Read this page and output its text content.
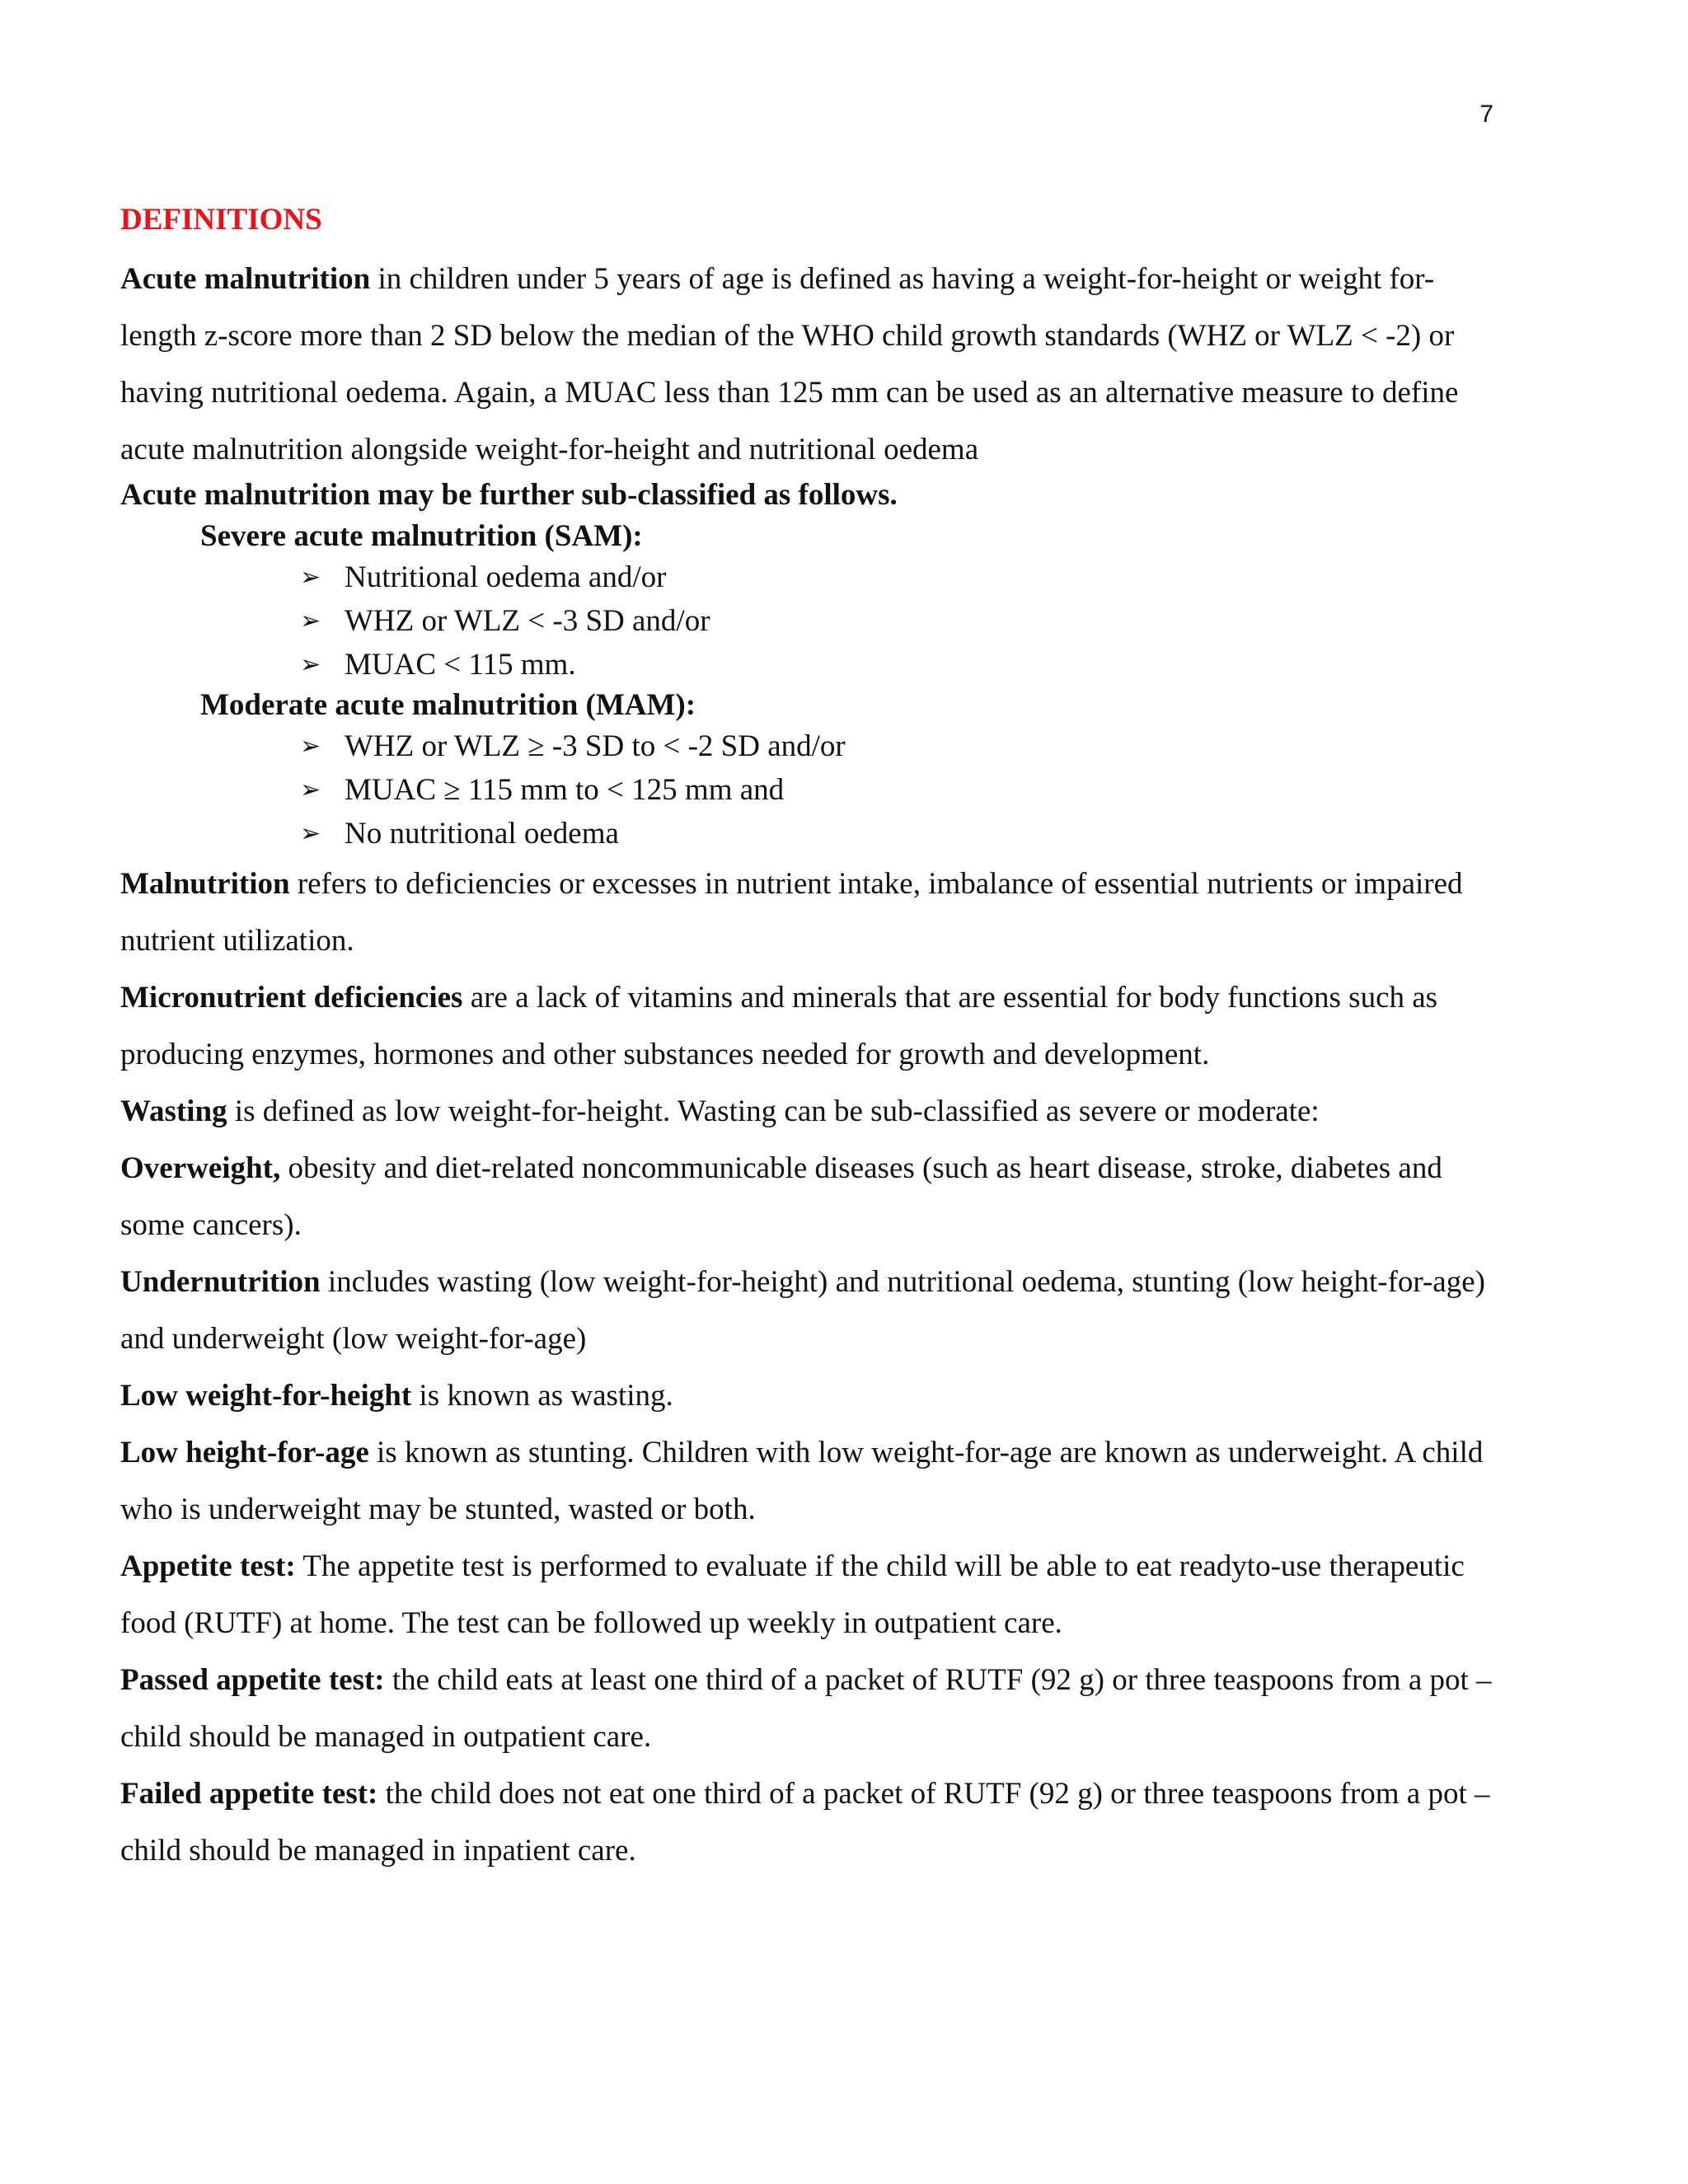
7
DEFINITIONS

Acute malnutrition in children under 5 years of age is defined as having a weight-for-height or weight for-length z-score more than 2 SD below the median of the WHO child growth standards (WHZ or WLZ < -2) or having nutritional oedema. Again, a MUAC less than 125 mm can be used as an alternative measure to define acute malnutrition alongside weight-for-height and nutritional oedema

Acute malnutrition may be further sub-classified as follows.
Severe acute malnutrition (SAM):
➢ Nutritional oedema and/or
➢ WHZ or WLZ < -3 SD and/or
➢ MUAC < 115 mm.
Moderate acute malnutrition (MAM):
➢ WHZ or WLZ ≥ -3 SD to < -2 SD and/or
➢ MUAC ≥ 115 mm to < 125 mm and
➢ No nutritional oedema

Malnutrition refers to deficiencies or excesses in nutrient intake, imbalance of essential nutrients or impaired nutrient utilization.

Micronutrient deficiencies are a lack of vitamins and minerals that are essential for body functions such as producing enzymes, hormones and other substances needed for growth and development.

Wasting is defined as low weight-for-height. Wasting can be sub-classified as severe or moderate:

Overweight, obesity and diet-related noncommunicable diseases (such as heart disease, stroke, diabetes and some cancers).

Undernutrition includes wasting (low weight-for-height) and nutritional oedema, stunting (low height-for-age) and underweight (low weight-for-age)

Low weight-for-height is known as wasting.

Low height-for-age is known as stunting. Children with low weight-for-age are known as underweight. A child who is underweight may be stunted, wasted or both.

Appetite test: The appetite test is performed to evaluate if the child will be able to eat readyto-use therapeutic food (RUTF) at home. The test can be followed up weekly in outpatient care.

Passed appetite test: the child eats at least one third of a packet of RUTF (92 g) or three teaspoons from a pot – child should be managed in outpatient care.

Failed appetite test: the child does not eat one third of a packet of RUTF (92 g) or three teaspoons from a pot – child should be managed in inpatient care.
